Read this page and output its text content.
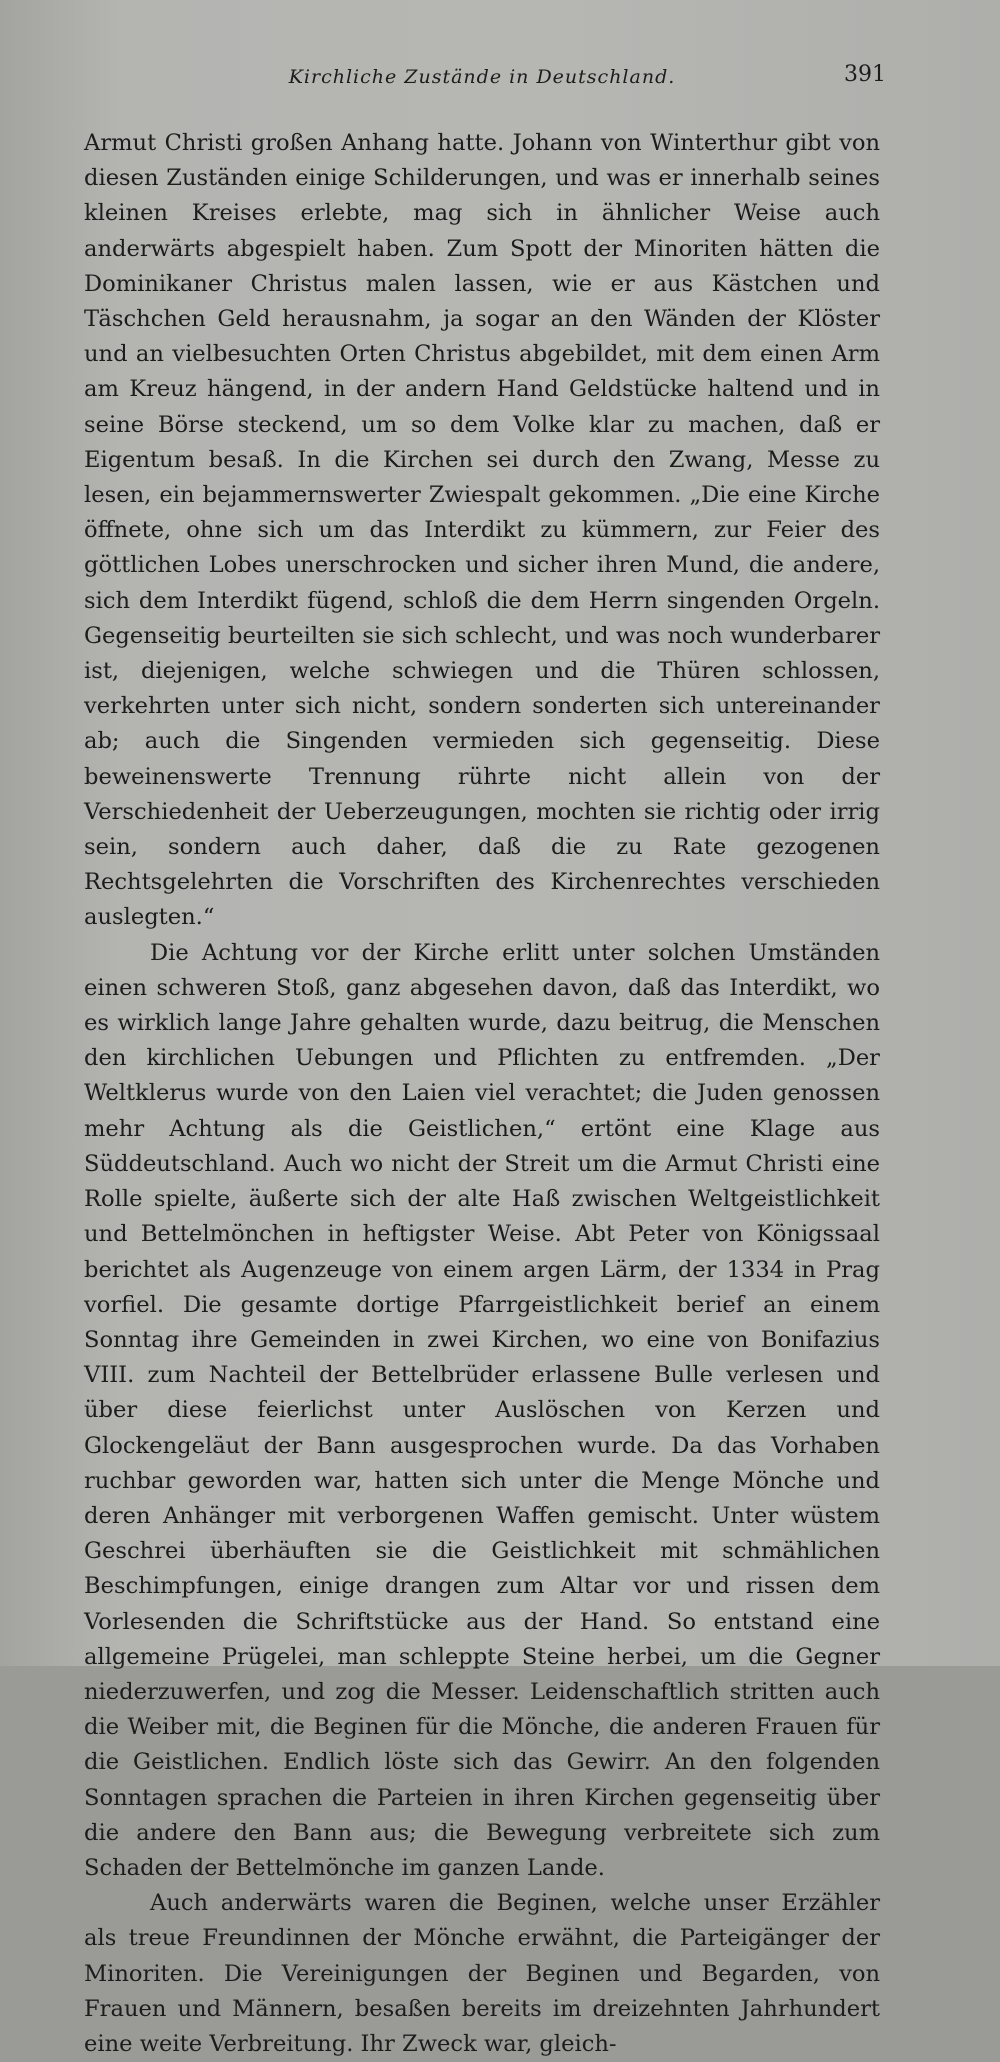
Kirchliche Zustände in Deutschland.	391

Armut Christi großen Anhang hatte. Johann von Winterthur gibt von diesen Zuständen einige Schilderungen, und was er innerhalb seines kleinen Kreises erlebte, mag sich in ähnlicher Weise auch anderwärts abgespielt haben. Zum Spott der Minoriten hätten die Dominikaner Christus malen lassen, wie er aus Kästchen und Täschchen Geld herausnahm, ja sogar an den Wänden der Klöster und an vielbesuchten Orten Christus abgebildet, mit dem einen Arm am Kreuz hängend, in der andern Hand Geldstücke haltend und in seine Börse steckend, um so dem Volke klar zu machen, daß er Eigentum besaß. In die Kirchen sei durch den Zwang, Messe zu lesen, ein bejammernswerter Zwiespalt gekommen. „Die eine Kirche öffnete, ohne sich um das Interdikt zu kümmern, zur Feier des göttlichen Lobes unerschrocken und sicher ihren Mund, die andere, sich dem Interdikt fügend, schloß die dem Herrn singenden Orgeln. Gegenseitig beurteilten sie sich schlecht, und was noch wunderbarer ist, diejenigen, welche schwiegen und die Thüren schlossen, verkehrten unter sich nicht, sondern sonderten sich untereinander ab; auch die Singenden vermieden sich gegenseitig. Diese beweinenswerte Trennung rührte nicht allein von der Verschiedenheit der Ueberzeugungen, mochten sie richtig oder irrig sein, sondern auch daher, daß die zu Rate gezogenen Rechtsgelehrten die Vorschriften des Kirchenrechtes verschieden auslegten.“

Die Achtung vor der Kirche erlitt unter solchen Umständen einen schweren Stoß, ganz abgesehen davon, daß das Interdikt, wo es wirklich lange Jahre gehalten wurde, dazu beitrug, die Menschen den kirchlichen Uebungen und Pflichten zu entfremden. „Der Weltklerus wurde von den Laien viel verachtet; die Juden genossen mehr Achtung als die Geistlichen,“ ertönt eine Klage aus Süddeutschland. Auch wo nicht der Streit um die Armut Christi eine Rolle spielte, äußerte sich der alte Haß zwischen Weltgeistlichkeit und Bettelmönchen in heftigster Weise. Abt Peter von Königssaal berichtet als Augenzeuge von einem argen Lärm, der 1334 in Prag vorfiel. Die gesamte dortige Pfarrgeistlichkeit berief an einem Sonntag ihre Gemeinden in zwei Kirchen, wo eine von Bonifazius VIII. zum Nachteil der Bettelbrüder erlassene Bulle verlesen und über diese feierlichst unter Auslöschen von Kerzen und Glockengeläut der Bann ausgesprochen wurde. Da das Vorhaben ruchbar geworden war, hatten sich unter die Menge Mönche und deren Anhänger mit verborgenen Waffen gemischt. Unter wüstem Geschrei überhäuften sie die Geistlichkeit mit schmählichen Beschimpfungen, einige drangen zum Altar vor und rissen dem Vorlesenden die Schriftstücke aus der Hand. So entstand eine allgemeine Prügelei, man schleppte Steine herbei, um die Gegner niederzuwerfen, und zog die Messer. Leidenschaftlich stritten auch die Weiber mit, die Beginen für die Mönche, die anderen Frauen für die Geistlichen. Endlich löste sich das Gewirr. An den folgenden Sonntagen sprachen die Parteien in ihren Kirchen gegenseitig über die andere den Bann aus; die Bewegung verbreitete sich zum Schaden der Bettelmönche im ganzen Lande.

Auch anderwärts waren die Beginen, welche unser Erzähler als treue Freundinnen der Mönche erwähnt, die Parteigänger der Minoriten. Die Vereinigungen der Beginen und Begarden, von Frauen und Männern, besaßen bereits im dreizehnten Jahrhundert eine weite Verbreitung. Ihr Zweck war, gleich-
